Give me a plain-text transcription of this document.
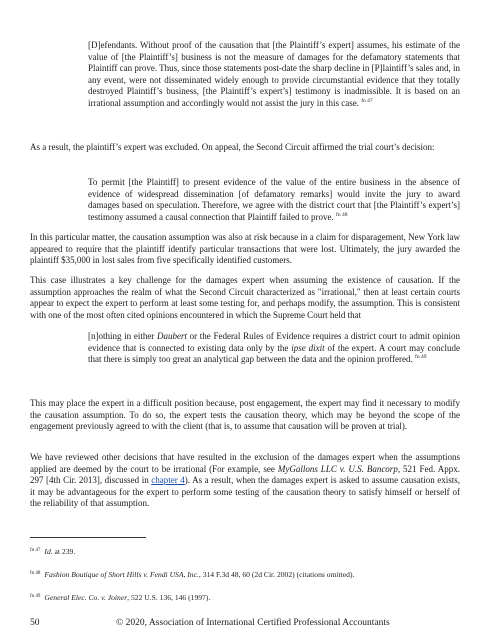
[D]efendants. Without proof of the causation that [the Plaintiff’s expert] assumes, his estimate of the value of [the Plaintiff’s] business is not the measure of damages for the defamatory statements that Plaintiff can prove. Thus, since those statements post-date the sharp decline in [P]laintiff’s sales and, in any event, were not disseminated widely enough to provide circumstantial evidence that they totally destroyed Plaintiff’s business, [the Plaintiff’s expert’s] testimony is inadmissible. It is based on an irrational assumption and accordingly would not assist the jury in this case. $^{fn 47}$

As a result, the plaintiff’s expert was excluded. On appeal, the Second Circuit affirmed the trial court’s decision:

To permit [the Plaintiff] to present evidence of the value of the entire business in the absence of evidence of widespread dissemination [of defamatory remarks] would invite the jury to award damages based on speculation. Therefore, we agree with the district court that [the Plaintiff’s expert’s] testimony assumed a causal connection that Plaintiff failed to prove. $^{fn 48}$

In this particular matter, the causation assumption was also at risk because in a claim for disparagement, New York law appeared to require that the plaintiff identify particular transactions that were lost. Ultimately, the jury awarded the plaintiff $35,000 in lost sales from five specifically identified customers.

This case illustrates a key challenge for the damages expert when assuming the existence of causation. If the assumption approaches the realm of what the Second Circuit characterized as "irrational," then at least certain courts appear to expect the expert to perform at least some testing for, and perhaps modify, the assumption. This is consistent with one of the most often cited opinions encountered in which the Supreme Court held that

[n]othing in either Daubert or the Federal Rules of Evidence requires a district court to admit opinion evidence that is connected to existing data only by the ipse dixit of the expert. A court may conclude that there is simply too great an analytical gap between the data and the opinion proffered. $^{fn 49}$

This may place the expert in a difficult position because, post engagement, the expert may find it necessary to modify the causation assumption. To do so, the expert tests the causation theory, which may be beyond the scope of the engagement previously agreed to with the client (that is, to assume that causation will be proven at trial).

We have reviewed other decisions that have resulted in the exclusion of the damages expert when the assumptions applied are deemed by the court to be irrational (For example, see MyGallons LLC v. U.S. Bancorp, 521 Fed. Appx. 297 [4th Cir. 2013], discussed in chapter 4). As a result, when the damages expert is asked to assume causation exists, it may be advantageous for the expert to perform some testing of the causation theory to satisfy himself or herself of the reliability of that assumption.

$^{fn 47}$ Id. at 239.
$^{fn 48}$ Fashion Boutique of Short Hills v. Fendi USA, Inc., 314 F.3d 48, 60 (2d Cir. 2002) (citations omitted).
$^{fn 49}$ General Elec. Co. v. Joiner, 522 U.S. 136, 146 (1997).
50	© 2020, Association of International Certified Professional Accountants
